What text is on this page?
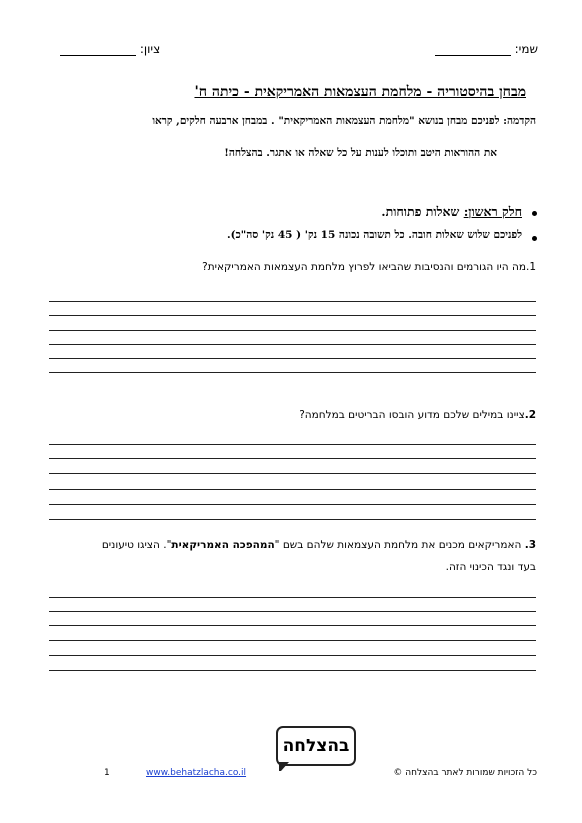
שמי:
ציון:
מבחן בהיסטוריה - מלחמת העצמאות האמריקאית - כיתה ח'
הקדמה: לפניכם מבחן בנושא "מלחמת העצמאות האמריקאית" . במבחן ארבעה חלקים, קראו
את ההוראות היטב ותוכלו לענות על כל שאלה או אתגר. בהצלחה!
חלק ראשון: שאלות פתוחות.
לפניכם שלוש שאלות חובה. כל תשובה נכונה 15 נק' ( 45 נק' סה"כ).
1.מה היו הגורמים והנסיבות שהביאו לפרוץ מלחמת העצמאות האמריקאית?
2.ציינו במילים שלכם מדוע הובסו הבריטים במלחמה?
3. האמריקאים מכנים את מלחמת העצמאות שלהם בשם "המהפכה האמריקאית". הציגו טיעונים
בעד ונגד הכינוי הזה.
בהצלחה
כל הזכויות שמורות לאתר בהצלחה ©
www.behatzlacha.co.il
1
